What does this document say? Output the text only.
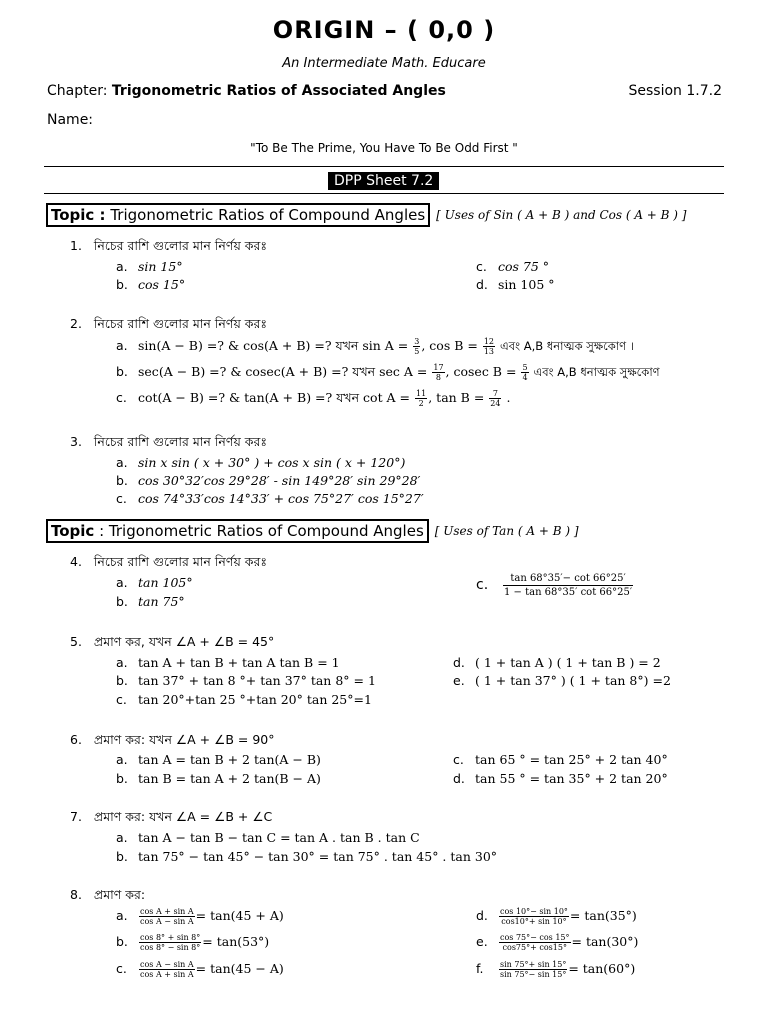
ORIGIN – ( 0,0 )
An Intermediate Math. Educare
Chapter: Trigonometric Ratios of Associated Angles	Session 1.7.2
Name:
"To Be The Prime, You Have To Be Odd First "
DPP Sheet 7.2
Topic : Trigonometric Ratios of Compound Angles [ Uses of Sin ( A + B ) and Cos ( A + B ) ]
1. নিচের রাশি গুলোর মান নির্ণয় করঃ
a. sin 15°
b. cos 15°
c. cos 75 °
d. sin 105 °
2. নিচের রাশি গুলোর মান নির্ণয় করঃ
a. sin(A − B) =? & cos(A + B) =? যখন $\sin A = \frac{3}{5}$ , $\cos B = \frac{12}{13}$ এবং A,B ধনাত্মক সুক্ষকোণ ।
b. sec(A − B) =? & cosec(A + B) =? যখন $\sec A = \frac{17}{8}$ , cosec $B = \frac{5}{4}$ এবং A,B ধনাত্মক সুক্ষকোণ
c. cot(A − B) =? & tan(A + B) =? যখন $\cot A = \frac{11}{2}$ , $\tan B = \frac{7}{24}$ .
3. নিচের রাশি গুলোর মান নির্ণয় করঃ
a. sin x sin ( x + 30° ) + cos x sin ( x + 120°)
b. cos 30°32′cos 29°28′ - sin 149°28′ sin 29°28′
c. cos 74°33′cos 14°33′ + cos 75°27′ cos 15°27′
Topic : Trigonometric Ratios of Compound Angles [ Uses of Tan ( A + B ) ]
4. নিচের রাশি গুলোর মান নির্ণয় করঃ
a. tan 105°
b. tan 75°
c. $\frac{\tan 68^\circ 35'- \cot 66^\circ 25'}{1 - \tan 68^\circ 35' \cot 66^\circ 25'}$
5. প্রমাণ কর, যখন ∠A + ∠B = 45°
a. tan A + tan B + tan A tan B = 1
b. tan 37° + tan 8 °+ tan 37° tan 8° = 1
c. tan 20°+tan 25 °+tan 20° tan 25°=1
d. ( 1 + tan A ) ( 1 + tan B ) = 2
e. ( 1 + tan 37° ) ( 1 + tan 8°) =2
6. প্রমাণ কর: যখন ∠A + ∠B = 90°
a. tan A = tan B + 2 tan(A − B)
b. tan B = tan A + 2 tan(B − A)
c. tan 65 ° = tan 25° + 2 tan 40°
d. tan 55 ° = tan 35° + 2 tan 20°
7. প্রমাণ কর: যখন ∠A = ∠B + ∠C
a. tan A − tan B − tan C = tan A . tan B . tan C
b. tan 75° − tan 45° − tan 30° = tan 75° . tan 45° . tan 30°
8. প্রমাণ কর:
a. $\frac{\text{cos A + sin A}}{\text{cos A − sin A}} = \tan(45 + A)$
b. $\frac{\cos 8^\circ + \sin 8^\circ}{\cos 8^\circ - \sin 8^\circ} = \tan(53^\circ)$
c. $\frac{\text{cos A − sin A}}{\text{cos A + sin A}} = \tan(45 - A)$
d. $\frac{\cos 10^\circ- \sin 10^\circ}{\cos 10^\circ+ \sin 10^\circ} = \tan(35^\circ)$
e. $\frac{\cos 75^\circ- \cos 15^\circ}{\cos 75^\circ+ \cos 15^\circ} = \tan(30^\circ)$
f. $\frac{\sin 75^\circ+ \sin 15^\circ}{\sin 75^\circ- \sin 15^\circ} = \tan(60^\circ)$
